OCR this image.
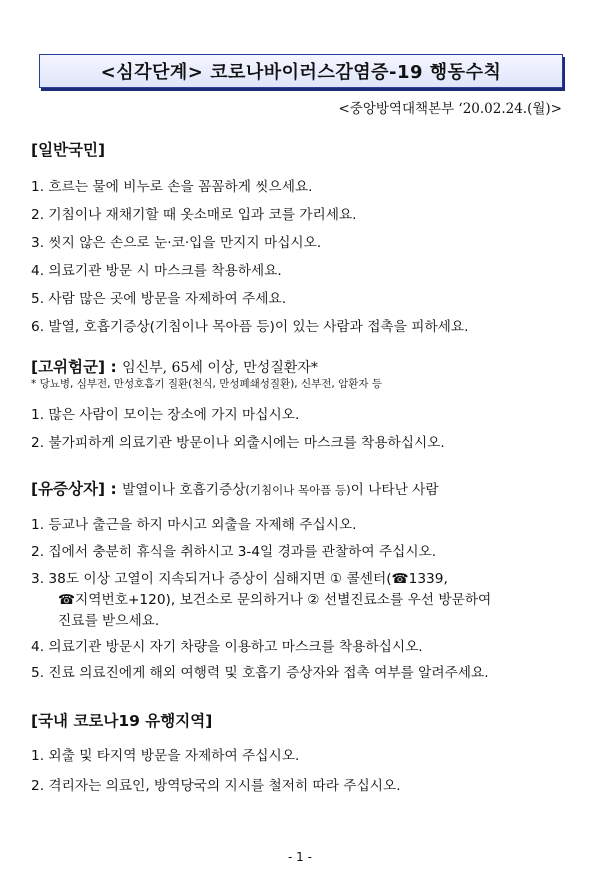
<심각단계> 코로나바이러스감염증-19 행동수칙
<중앙방역대책본부 ‘20.02.24.(월)>
[일반국민]
1. 흐르는 물에 비누로 손을 꼼꼼하게 씻으세요.
2. 기침이나 재채기할 때 옷소매로 입과 코를 가리세요.
3. 씻지 않은 손으로 눈·코·입을 만지지 마십시오.
4. 의료기관 방문 시 마스크를 착용하세요.
5. 사람 많은 곳에 방문을 자제하여 주세요.
6. 발열, 호흡기증상(기침이나 목아픔 등)이 있는 사람과 접촉을 피하세요.
[고위험군] : 임신부, 65세 이상, 만성질환자*
* 당뇨병, 심부전, 만성호흡기 질환(천식, 만성폐쇄성질환), 신부전, 암환자 등
1. 많은 사람이 모이는 장소에 가지 마십시오.
2. 불가피하게 의료기관 방문이나 외출시에는 마스크를 착용하십시오.
[유증상자] : 발열이나 호흡기증상(기침이나 목아픔 등)이 나타난 사람
1. 등교나 출근을 하지 마시고 외출을 자제해 주십시오.
2. 집에서 충분히 휴식을 취하시고 3-4일 경과를 관찰하여 주십시오.
3. 38도 이상 고열이 지속되거나 증상이 심해지면 ① 콜센터(☎1339,
☎지역번호+120), 보건소로 문의하거나 ② 선별진료소를 우선 방문하여
진료를 받으세요.
4. 의료기관 방문시 자기 차량을 이용하고 마스크를 착용하십시오.
5. 진료 의료진에게 해외 여행력 및 호흡기 증상자와 접촉 여부를 알려주세요.
[국내 코로나19 유행지역]
1. 외출 및 타지역 방문을 자제하여 주십시오.
2. 격리자는 의료인, 방역당국의 지시를 철저히 따라 주십시오.
- 1 -
